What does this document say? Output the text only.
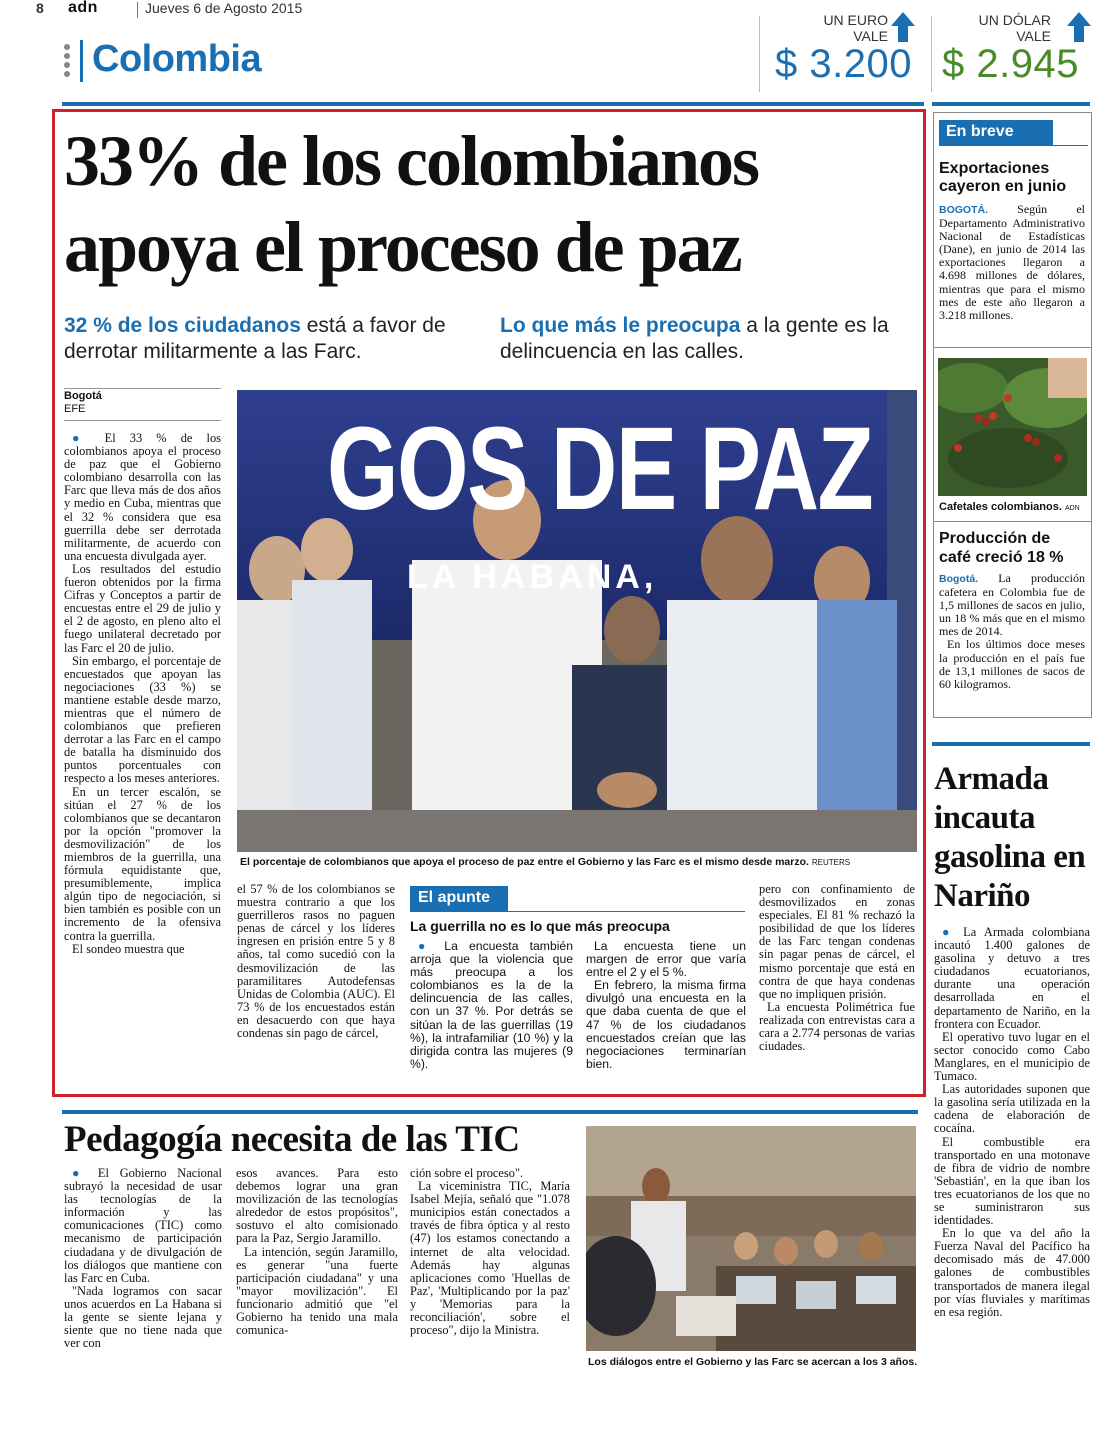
8 adn	Jueves 6 de Agosto 2015
Colombia
UN EURO
VALE
$ 3.200
UN DÓLAR
VALE
$ 2.945
33% de los colombianos
apoya el proceso de paz
32 % de los ciudadanos está a favor de derrotar militarmente a las Farc.
Lo que más le preocupa a la gente es la delincuencia en las calles.
Bogotá
EFE

● El 33 % de los colombianos apoya el proceso de paz que el Gobierno colombiano desarrolla con las Farc que lleva más de dos años y medio en Cuba, mientras que el 32 % considera que esa guerrilla debe ser derrotada militarmente, de acuerdo con una encuesta divulgada ayer.

Los resultados del estudio fueron obtenidos por la firma Cifras y Conceptos a partir de encuestas entre el 29 de julio y el 2 de agosto, en pleno alto el fuego unilateral decretado por las Farc el 20 de julio.

Sin embargo, el porcentaje de encuestados que apoyan las negociaciones (33 %) se mantiene estable desde marzo, mientras que el número de colombianos que prefieren derrotar a las Farc en el campo de batalla ha disminuido dos puntos porcentuales con respecto a los meses anteriores.

En un tercer escalón, se sitúan el 27 % de los colombianos que se decantaron por la opción "promover la desmovilización" de los miembros de la guerrilla, una fórmula equidistante que, presumiblemente, implica algún tipo de negociación, si bien también es posible con un incremento de la ofensiva contra la guerrilla.

El sondeo muestra que

GOS DE PAZ
LA HABANA,
El porcentaje de colombianos que apoya el proceso de paz entre el Gobierno y las Farc es el mismo desde marzo. REUTERS

el 57 % de los colombianos se muestra contrario a que los guerrilleros rasos no paguen penas de cárcel y los líderes ingresen en prisión entre 5 y 8 años, tal como sucedió con la desmovilización de las paramilitares Autodefensas Unidas de Colombia (AUC). El 73 % de los encuestados están en desacuerdo con que haya condenas sin pago de cárcel,

El apunte
La guerrilla no es lo que más preocupa

● La encuesta también arroja que la violencia que más preocupa a los colombianos es la de la delincuencia de las calles, con un 37 %. Por detrás se sitúan la de las guerrillas (19 %), la intrafamiliar (10 %) y la dirigida contra las mujeres (9 %).

La encuesta tiene un margen de error que varía entre el 2 y el 5 %.

En febrero, la misma firma divulgó una encuesta en la que daba cuenta de que el 47 % de los ciudadanos encuestados creían que las negociaciones terminarían bien.

pero con confinamiento de desmovilizados en zonas especiales. El 81 % rechazó la posibilidad de que los líderes de las Farc tengan condenas sin pagar penas de cárcel, el mismo porcentaje que está en contra de que haya condenas que no impliquen prisión.

La encuesta Polimétrica fue realizada con entrevistas cara a cara a 2.774 personas de varias ciudades.

En breve
Exportaciones cayeron en junio
BOGOTÁ. Según el Departamento Administrativo Nacional de Estadísticas (Dane), en junio de 2014 las exportaciones llegaron a 4.698 millones de dólares, mientras que para el mismo mes de este año llegaron a 3.218 millones.
Cafetales colombianos. ADN
Producción de café creció 18 %
Bogotá. La producción cafetera en Colombia fue de 1,5 millones de sacos en julio, un 18 % más que en el mismo mes de 2014.

En los últimos doce meses la producción en el país fue de 13,1 millones de sacos de 60 kilogramos.

Armada incauta gasolina en Nariño

● La Armada colombiana incautó 1.400 galones de gasolina y detuvo a tres ciudadanos ecuatorianos, durante una operación desarrollada en el departamento de Nariño, en la frontera con Ecuador.

El operativo tuvo lugar en el sector conocido como Cabo Manglares, en el municipio de Tumaco.

Las autoridades suponen que la gasolina sería utilizada en la cadena de elaboración de cocaína.

El combustible era transportado en una motonave de fibra de vidrio de nombre 'Sebastián', en la que iban los tres ecuatorianos de los que no se suministraron sus identidades.

En lo que va del año la Fuerza Naval del Pacífico ha decomisado más de 47.000 galones de combustibles transportados de manera ilegal por vías fluviales y marítimas en esa región.

Pedagogía necesita de las TIC

● El Gobierno Nacional subrayó la necesidad de usar las tecnologías de la información y las comunicaciones (TIC) como mecanismo de participación ciudadana y de divulgación de los diálogos que mantiene con las Farc en Cuba.

"Nada logramos con sacar unos acuerdos en La Habana si la gente se siente lejana y siente que no tiene nada que ver con

esos avances. Para esto debemos lograr una gran movilización de las tecnologías alrededor de estos propósitos", sostuvo el alto comisionado para la Paz, Sergio Jaramillo.

La intención, según Jaramillo, es generar "una fuerte participación ciudadana" y una "mayor movilización". El funcionario admitió que "el Gobierno ha tenido una mala comunica-

ción sobre el proceso".

La viceministra TIC, María Isabel Mejía, señaló que "1.078 municipios están conectados a través de fibra óptica y al resto (47) los estamos conectando a internet de alta velocidad. Además hay algunas aplicaciones como 'Huellas de Paz', 'Multiplicando por la paz' y 'Memorias para la reconciliación', sobre el proceso", dijo la Ministra.

Los diálogos entre el Gobierno y las Farc se acercan a los 3 años.
